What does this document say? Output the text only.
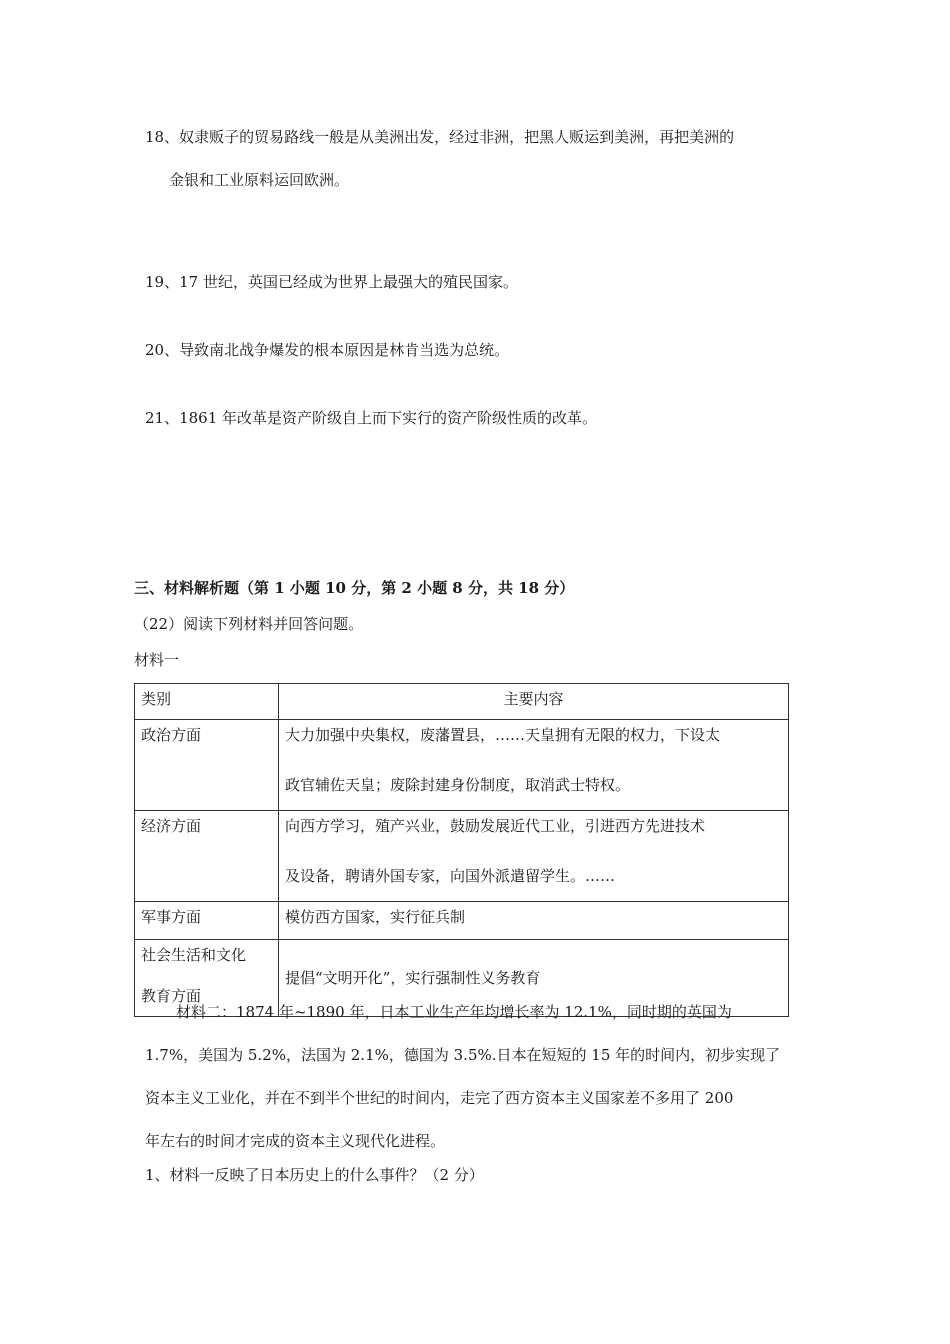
18、奴隶贩子的贸易路线一般是从美洲出发，经过非洲，把黑人贩运到美洲，再把美洲的
金银和工业原料运回欧洲。
19、17 世纪，英国已经成为世界上最强大的殖民国家。
20、导致南北战争爆发的根本原因是林肯当选为总统。
21、1861 年改革是资产阶级自上而下实行的资产阶级性质的改革。
三、材料解析题（第 1 小题 10 分，第 2 小题 8 分，共 18 分）
（22）阅读下列材料并回答问题。
材料一
类别	主要内容
政治方面	大力加强中央集权，废藩置县，……天皇拥有无限的权力，下设太
政官辅佐天皇；废除封建身份制度，取消武士特权。

经济方面	向西方学习，殖产兴业，鼓励发展近代工业，引进西方先进技术
及设备，聘请外国专家，向国外派遣留学生。……

军事方面	模仿西方国家，实行征兵制

社会生活和文化
教育方面	提倡“文明开化”，实行强制性义务教育
材料二：1874 年~1890 年，日本工业生产年均增长率为 12.1%，同时期的英国为
1.7%，美国为 5.2%，法国为 2.1%，德国为 3.5%.日本在短短的 15 年的时间内，初步实现了
资本主义工业化，并在不到半个世纪的时间内，走完了西方资本主义国家差不多用了 200
年左右的时间才完成的资本主义现代化进程。
1、材料一反映了日本历史上的什么事件？（2 分）
